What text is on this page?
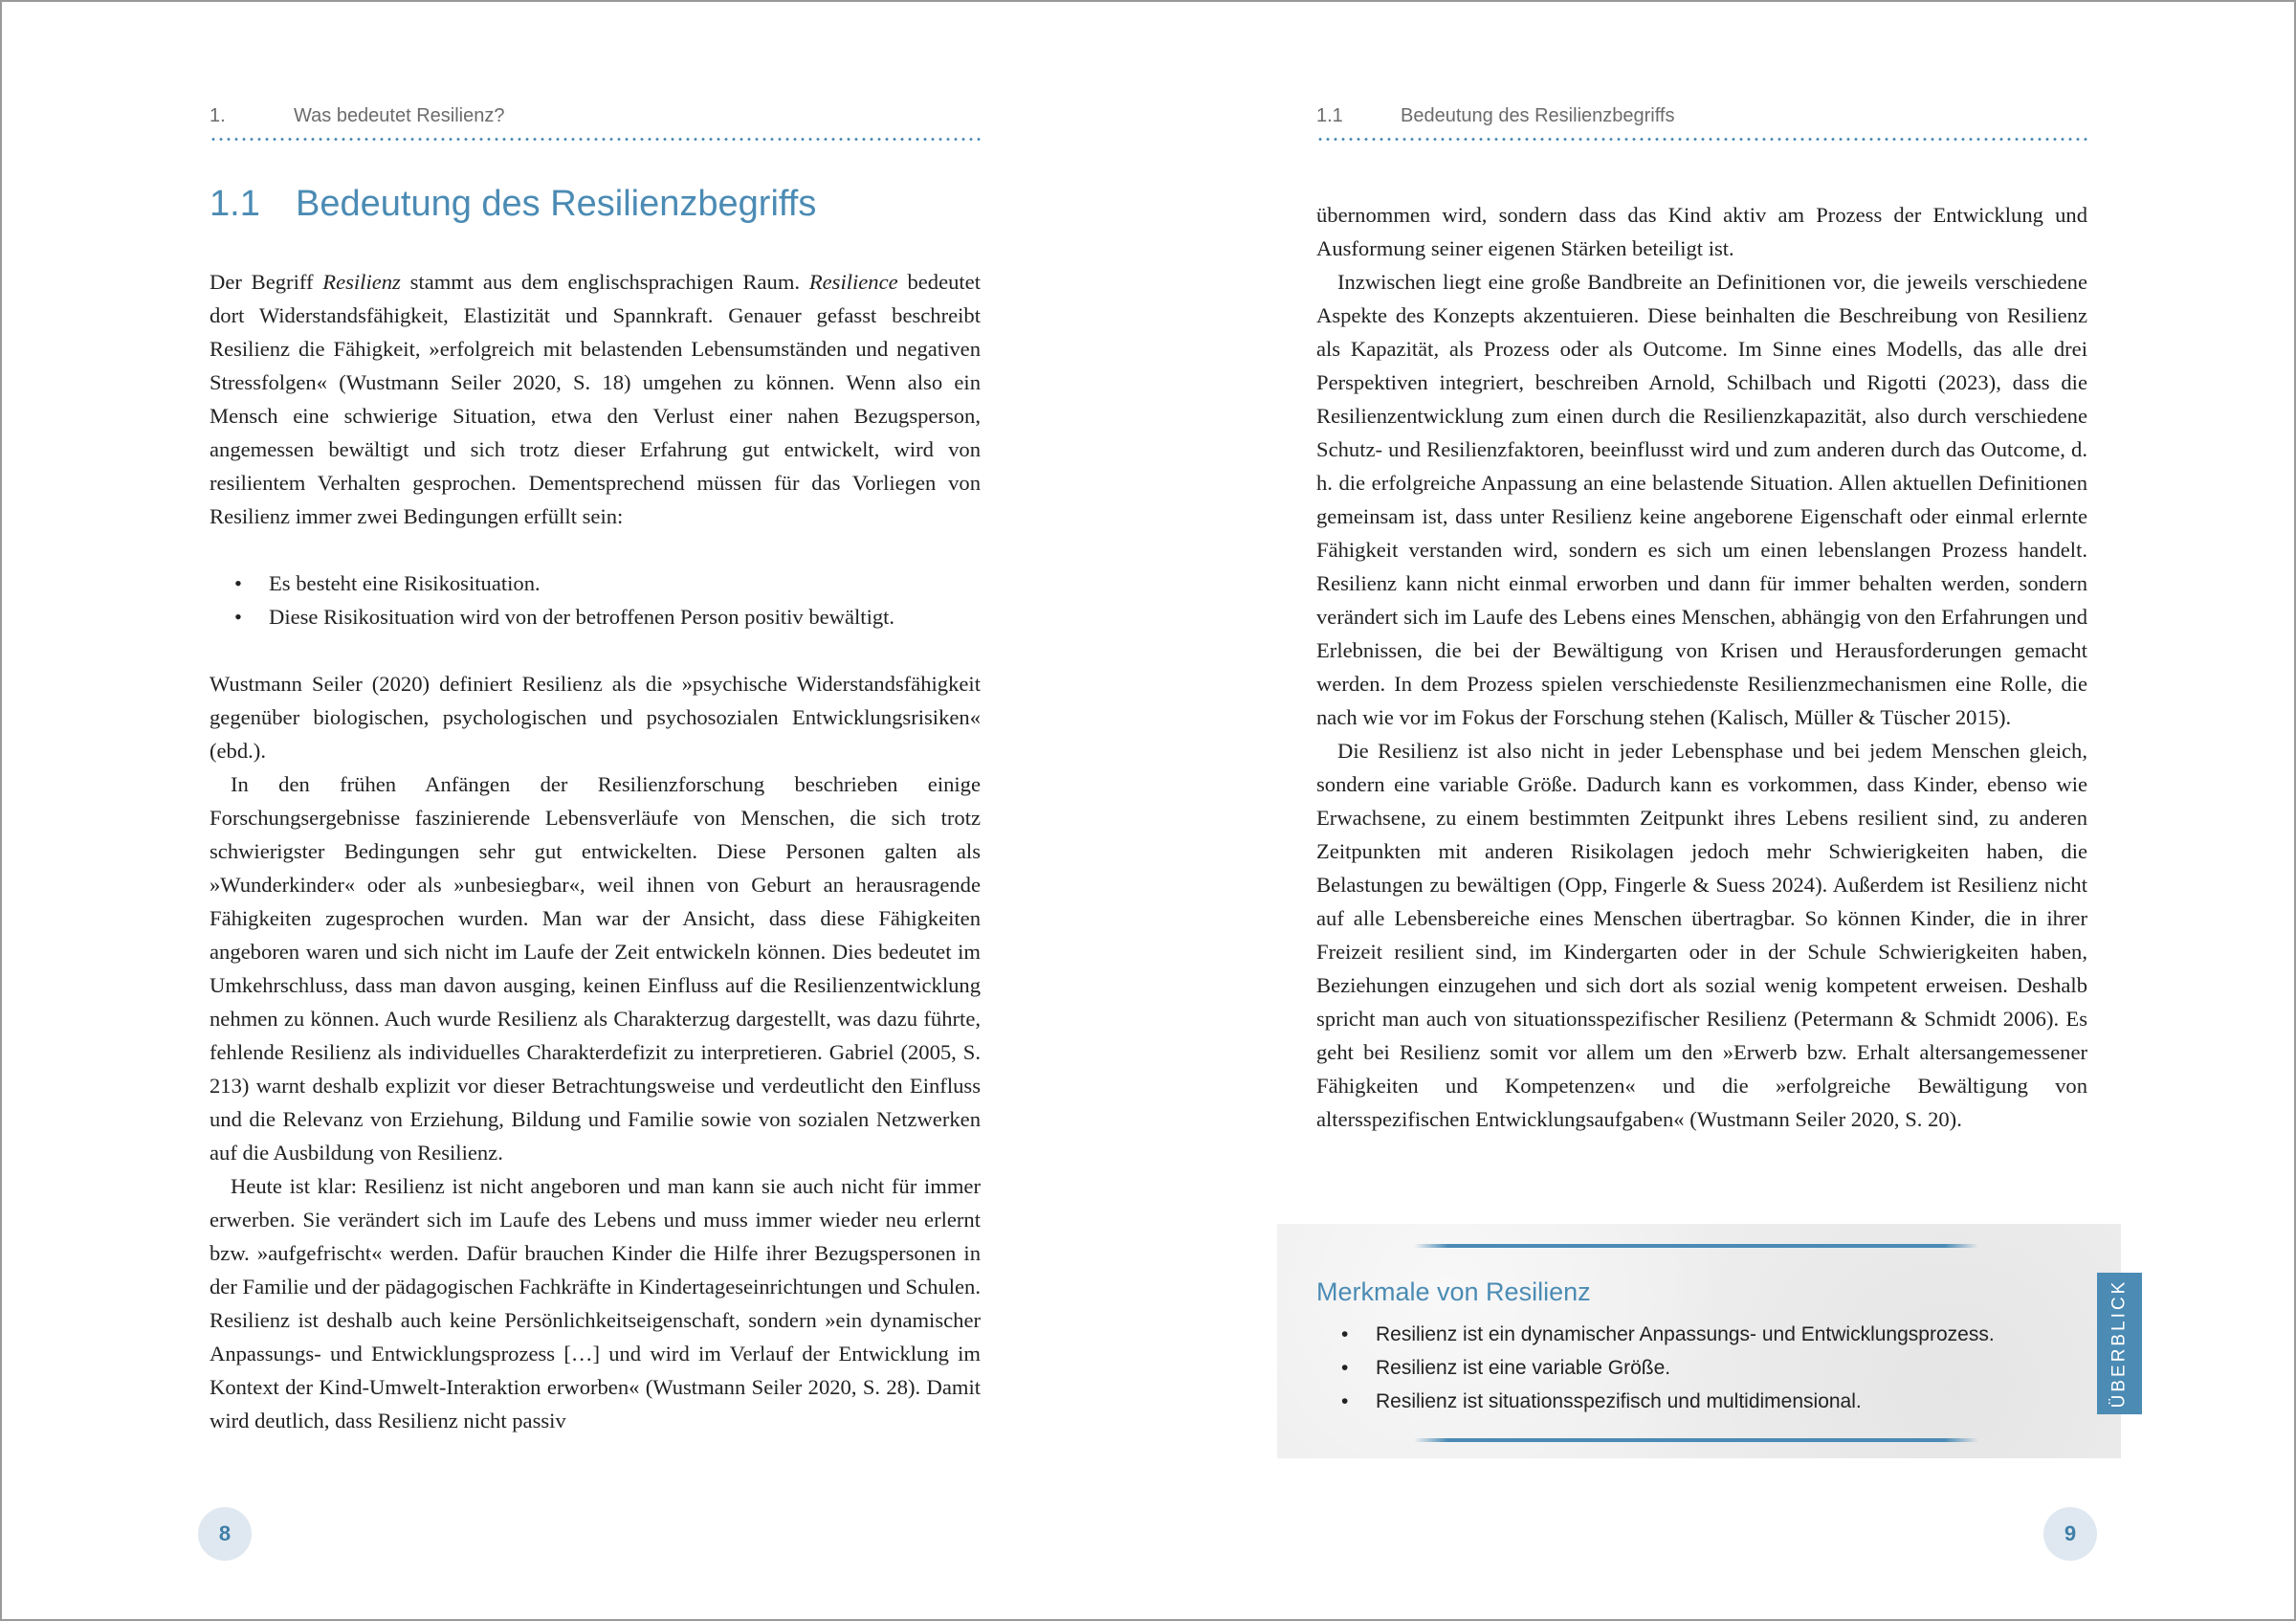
1.	Was bedeutet Resilienz?
1.1 Bedeutung des Resilienzbegriffs

Der Begriff Resilienz stammt aus dem englischsprachigen Raum. Resilience bedeutet dort Widerstandsfähigkeit, Elastizität und Spannkraft. Genauer gefasst beschreibt Resilienz die Fähigkeit, »erfolgreich mit belastenden Lebensumständen und negativen Stressfolgen« (Wustmann Seiler 2020, S. 18) umgehen zu können. Wenn also ein Mensch eine schwierige Situation, etwa den Verlust einer nahen Bezugsperson, angemessen bewältigt und sich trotz dieser Erfahrung gut entwickelt, wird von resilientem Verhalten gesprochen. Dementsprechend müssen für das Vorliegen von Resilienz immer zwei Bedingungen erfüllt sein:

• Es besteht eine Risikosituation.
• Diese Risikosituation wird von der betroffenen Person positiv bewältigt.

Wustmann Seiler (2020) definiert Resilienz als die »psychische Widerstandsfähigkeit gegenüber biologischen, psychologischen und psychosozialen Entwicklungsrisiken« (ebd.).

In den frühen Anfängen der Resilienzforschung beschrieben einige Forschungsergebnisse faszinierende Lebensverläufe von Menschen, die sich trotz schwierigster Bedingungen sehr gut entwickelten. Diese Personen galten als »Wunderkinder« oder als »unbesiegbar«, weil ihnen von Geburt an herausragende Fähigkeiten zugesprochen wurden. Man war der Ansicht, dass diese Fähigkeiten angeboren waren und sich nicht im Laufe der Zeit entwickeln können. Dies bedeutet im Umkehrschluss, dass man davon ausging, keinen Einfluss auf die Resilienzentwicklung nehmen zu können. Auch wurde Resilienz als Charakterzug dargestellt, was dazu führte, fehlende Resilienz als individuelles Charakterdefizit zu interpretieren. Gabriel (2005, S. 213) warnt deshalb explizit vor dieser Betrachtungsweise und verdeutlicht den Einfluss und die Relevanz von Erziehung, Bildung und Familie sowie von sozialen Netzwerken auf die Ausbildung von Resilienz.

Heute ist klar: Resilienz ist nicht angeboren und man kann sie auch nicht für immer erwerben. Sie verändert sich im Laufe des Lebens und muss immer wieder neu erlernt bzw. »aufgefrischt« werden. Dafür brauchen Kinder die Hilfe ihrer Bezugspersonen in der Familie und der pädagogischen Fachkräfte in Kindertageseinrichtungen und Schulen. Resilienz ist deshalb auch keine Persönlichkeitseigenschaft, sondern »ein dynamischer Anpassungs- und Entwicklungsprozess […] und wird im Verlauf der Entwicklung im Kontext der Kind-Umwelt-Interaktion erworben« (Wustmann Seiler 2020, S. 28). Damit wird deutlich, dass Resilienz nicht passiv

8
1.1	Bedeutung des Resilienzbegriffs

übernommen wird, sondern dass das Kind aktiv am Prozess der Entwicklung und Ausformung seiner eigenen Stärken beteiligt ist.

Inzwischen liegt eine große Bandbreite an Definitionen vor, die jeweils verschiedene Aspekte des Konzepts akzentuieren. Diese beinhalten die Beschreibung von Resilienz als Kapazität, als Prozess oder als Outcome. Im Sinne eines Modells, das alle drei Perspektiven integriert, beschreiben Arnold, Schilbach und Rigotti (2023), dass die Resilienzentwicklung zum einen durch die Resilienzkapazität, also durch verschiedene Schutz- und Resilienzfaktoren, beeinflusst wird und zum anderen durch das Outcome, d. h. die erfolgreiche Anpassung an eine belastende Situation. Allen aktuellen Definitionen gemeinsam ist, dass unter Resilienz keine angeborene Eigenschaft oder einmal erlernte Fähigkeit verstanden wird, sondern es sich um einen lebenslangen Prozess handelt. Resilienz kann nicht einmal erworben und dann für immer behalten werden, sondern verändert sich im Laufe des Lebens eines Menschen, abhängig von den Erfahrungen und Erlebnissen, die bei der Bewältigung von Krisen und Herausforderungen gemacht werden. In dem Prozess spielen verschiedenste Resilienzmechanismen eine Rolle, die nach wie vor im Fokus der Forschung stehen (Kalisch, Müller & Tüscher 2015).

Die Resilienz ist also nicht in jeder Lebensphase und bei jedem Menschen gleich, sondern eine variable Größe. Dadurch kann es vorkommen, dass Kinder, ebenso wie Erwachsene, zu einem bestimmten Zeitpunkt ihres Lebens resilient sind, zu anderen Zeitpunkten mit anderen Risikolagen jedoch mehr Schwierigkeiten haben, die Belastungen zu bewältigen (Opp, Fingerle & Suess 2024). Außerdem ist Resilienz nicht auf alle Lebensbereiche eines Menschen übertragbar. So können Kinder, die in ihrer Freizeit resilient sind, im Kindergarten oder in der Schule Schwierigkeiten haben, Beziehungen einzugehen und sich dort als sozial wenig kompetent erweisen. Deshalb spricht man auch von situationsspezifischer Resilienz (Petermann & Schmidt 2006). Es geht bei Resilienz somit vor allem um den »Erwerb bzw. Erhalt altersangemessener Fähigkeiten und Kompetenzen« und die »erfolgreiche Bewältigung von altersspezifischen Entwicklungsaufgaben« (Wustmann Seiler 2020, S. 20).

9
Merkmale von Resilienz
• Resilienz ist ein dynamischer Anpassungs- und Entwicklungsprozess.
• Resilienz ist eine variable Größe.
• Resilienz ist situationsspezifisch und multidimensional.	ÜBERBLICK
